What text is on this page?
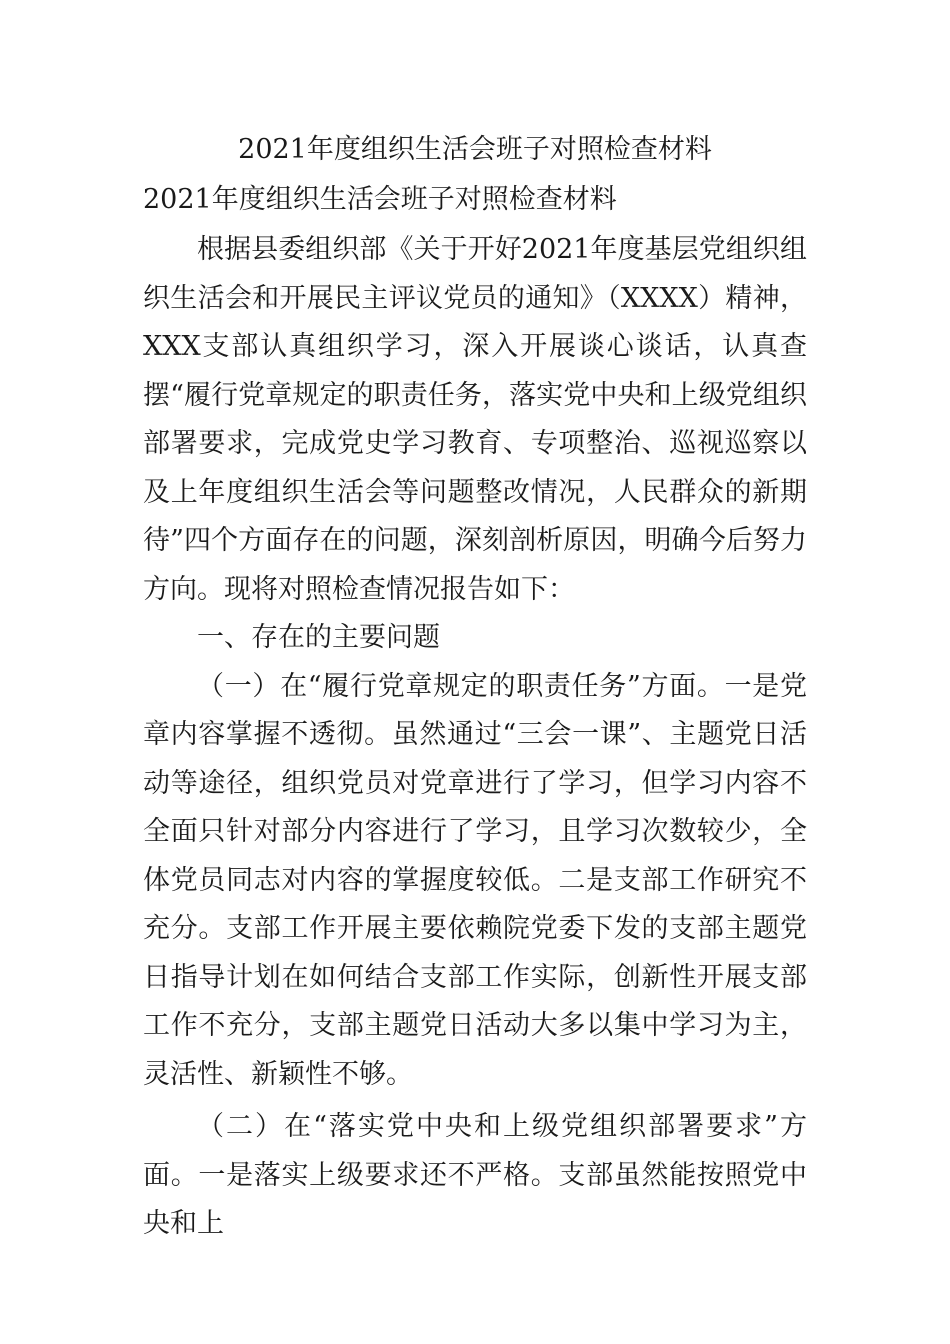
2021年度组织生活会班子对照检查材料
2021年度组织生活会班子对照检查材料

根据县委组织部《关于开好2021年度基层党组织组织生活会和开展民主评议党员的通知》（XXXX）精神，XXX支部认真组织学习，深入开展谈心谈话，认真查摆“履行党章规定的职责任务，落实党中央和上级党组织部署要求，完成党史学习教育、专项整治、巡视巡察以及上年度组织生活会等问题整改情况，人民群众的新期待”四个方面存在的问题，深刻剖析原因，明确今后努力方向。现将对照检查情况报告如下：

一、存在的主要问题

（一）在“履行党章规定的职责任务”方面。一是党章内容掌握不透彻。虽然通过“三会一课”、主题党日活动等途径，组织党员对党章进行了学习，但学习内容不全面只针对部分内容进行了学习，且学习次数较少，全体党员同志对内容的掌握度较低。二是支部工作研究不充分。支部工作开展主要依赖院党委下发的支部主题党日指导计划在如何结合支部工作实际，创新性开展支部工作不充分，支部主题党日活动大多以集中学习为主，灵活性、新颖性不够。

（二）在“落实党中央和上级党组织部署要求”方面。一是落实上级要求还不严格。支部虽然能按照党中央和上
